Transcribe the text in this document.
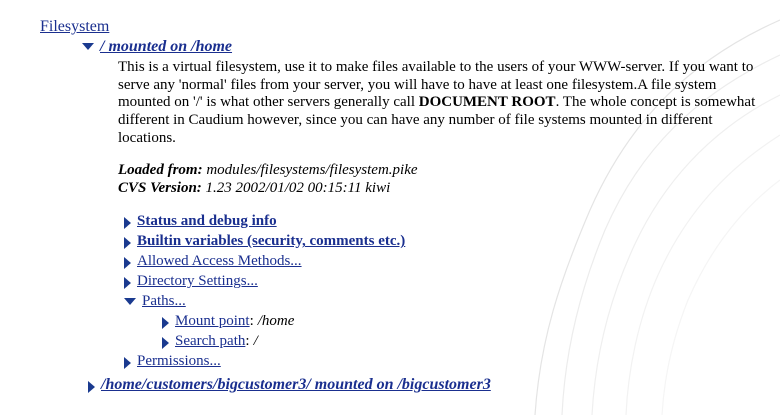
Filesystem
/ mounted on /home
This is a virtual filesystem, use it to make files available to the users of your WWW-server. If you want to serve any 'normal' files from your server, you will have to have at least one filesystem.A file system mounted on '/' is what other servers generally call DOCUMENT ROOT. The whole concept is somewhat different in Caudium however, since you can have any number of file systems mounted in different locations.
Loaded from: modules/filesystems/filesystem.pike
CVS Version: 1.23 2002/01/02 00:15:11 kiwi
Status and debug info
Builtin variables (security, comments etc.)
Allowed Access Methods...
Directory Settings...
Paths...
Mount point: /home
Search path: /
Permissions...
/home/customers/bigcustomer3/ mounted on /bigcustomer3
